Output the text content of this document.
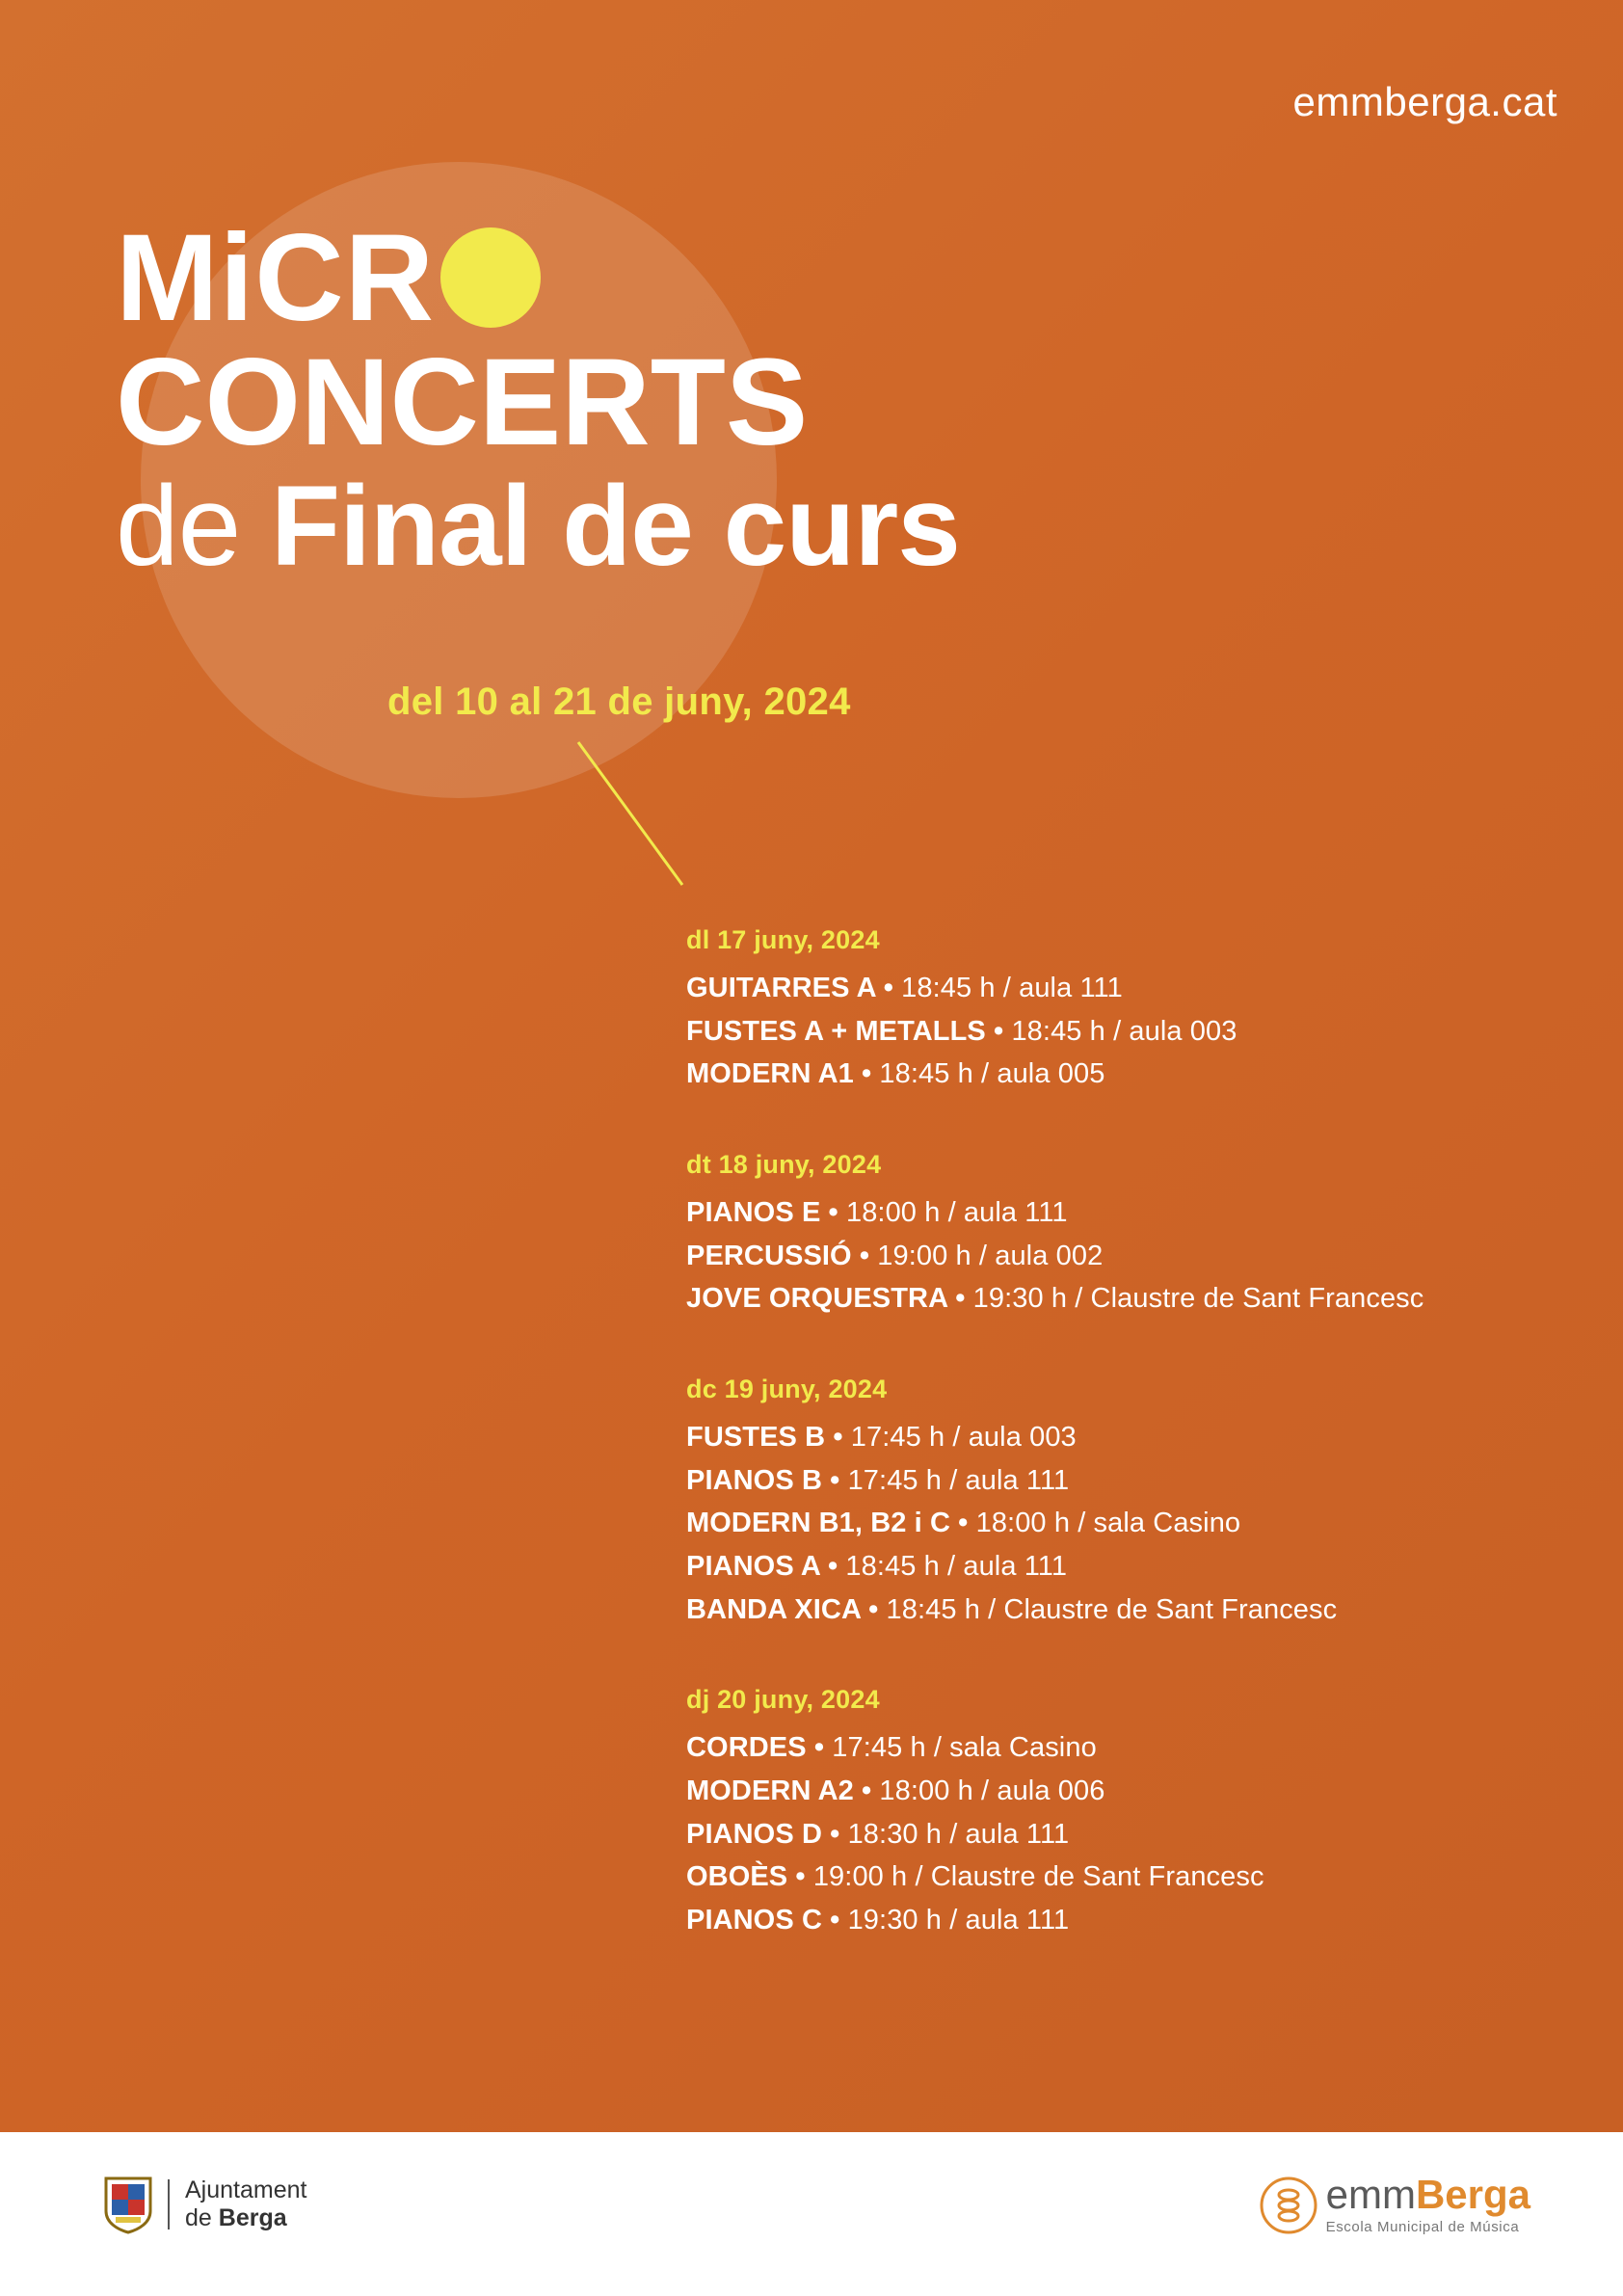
emmberga.cat
MiCR
CONCERTS
de Final de curs
del 10 al 21 de juny, 2024
dl 17 juny, 2024
GUITARRES A • 18:45 h / aula 111
FUSTES A + METALLS • 18:45 h / aula 003
MODERN A1 • 18:45 h / aula 005
dt 18 juny, 2024
PIANOS E • 18:00 h / aula 111
PERCUSSIÓ • 19:00 h / aula 002
JOVE ORQUESTRA • 19:30 h / Claustre de Sant Francesc
dc 19 juny, 2024
FUSTES B • 17:45 h / aula 003
PIANOS B • 17:45 h / aula 111
MODERN B1, B2 i C • 18:00 h / sala Casino
PIANOS A • 18:45 h / aula 111
BANDA XICA • 18:45 h / Claustre de Sant Francesc
dj 20 juny, 2024
CORDES • 17:45 h / sala Casino
MODERN A2 • 18:00 h / aula 006
PIANOS D • 18:30 h / aula 111
OBOÈS • 19:00 h / Claustre de Sant Francesc
PIANOS C • 19:30 h / aula 111
Ajuntament
de Berga
emmBerga
Escola Municipal de Música
